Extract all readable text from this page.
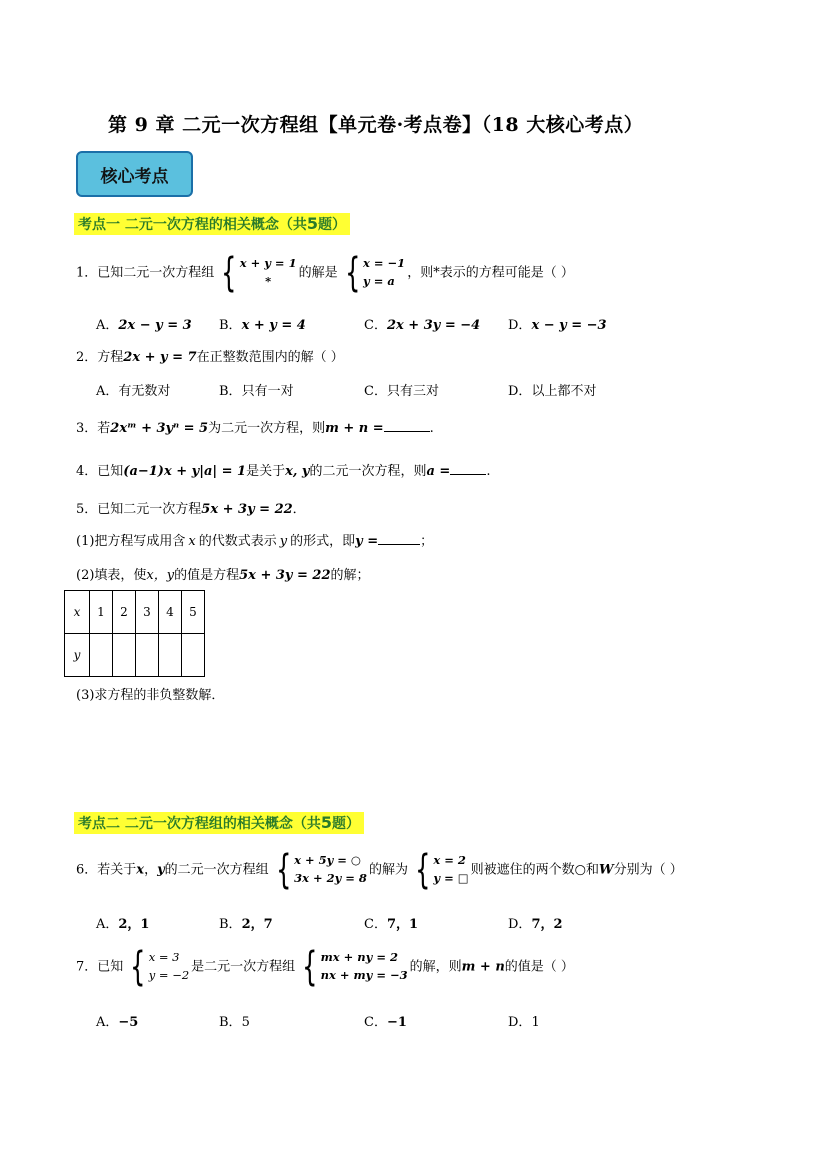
第 9 章 二元一次方程组【单元卷·考点卷】（18 大核心考点）
核心考点
考点一 二元一次方程的相关概念（共5题）
1．已知二元一次方程组 { x + y = 1
*
的解是 { x = −1
y = a
，则*表示的方程可能是（ ）
A．2x − y = 3 B．x + y = 4	C．2x + 3y = −4 D．x − y = −3
2．方程2x + y = 7在正整数范围内的解（ ）
A．有无数对	B．只有一对	C．只有三对	D．以上都不对
3．若2xᵐ + 3yⁿ = 5为二元一次方程，则m + n =	.
4．已知(a−1)x + y|a| = 1是关于x, y的二元一次方程，则a =	.
5．已知二元一次方程5x + 3y = 22．
(1)把方程写成用含 x 的代数式表示 y 的形式，即y =	；
(2)填表，使x，y的值是方程5x + 3y = 22的解；
x	1	2	3	4	5
y					
(3)求方程的非负整数解．
考点二 二元一次方程组的相关概念（共5题）
6．若关于x，y的二元一次方程组 { x + 5y = ○
3x + 2y = 8
的解为 { x = 2
y = □
则被遮住的两个数○和W分别为（ ）
A．2，1	B．2，7	C．7，1	D．7，2
7．已知 { x = 3
y = −2
是二元一次方程组 { mx + ny = 2
nx + my = −3
的解，则m + n的值是（ ）
A．−5	B．5	C．−1	D．1
